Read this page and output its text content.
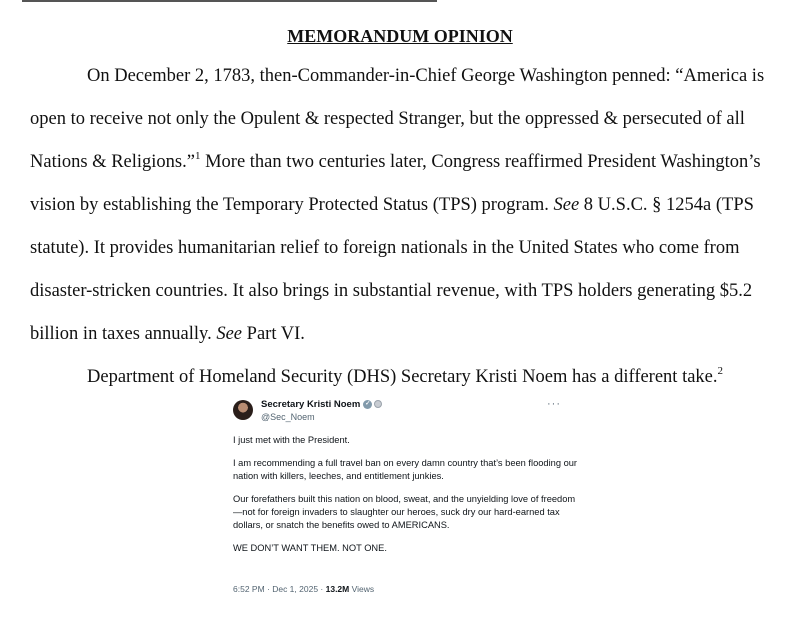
MEMORANDUM OPINION

On December 2, 1783, then-Commander-in-Chief George Washington penned: “America is open to receive not only the Opulent & respected Stranger, but the oppressed & persecuted of all Nations & Religions.”$^1$ More than two centuries later, Congress reaffirmed President Washington’s vision by establishing the Temporary Protected Status (TPS) program. See 8 U.S.C. § 1254a (TPS statute). It provides humanitarian relief to foreign nationals in the United States who come from disaster-stricken countries. It also brings in substantial revenue, with TPS holders generating $5.2 billion in taxes annually. See Part VI.

Department of Homeland Security (DHS) Secretary Kristi Noem has a different take.$^2$

Secretary Kristi Noem ✓
@Sec_Noem
···

I just met with the President.

I am recommending a full travel ban on every damn country that’s been flooding our nation with killers, leeches, and entitlement junkies.

Our forefathers built this nation on blood, sweat, and the unyielding love of freedom—not for foreign invaders to slaughter our heroes, suck dry our hard-earned tax dollars, or snatch the benefits owed to AMERICANS.

WE DON’T WANT THEM. NOT ONE.

6:52 PM · Dec 1, 2025 · 13.2M Views
